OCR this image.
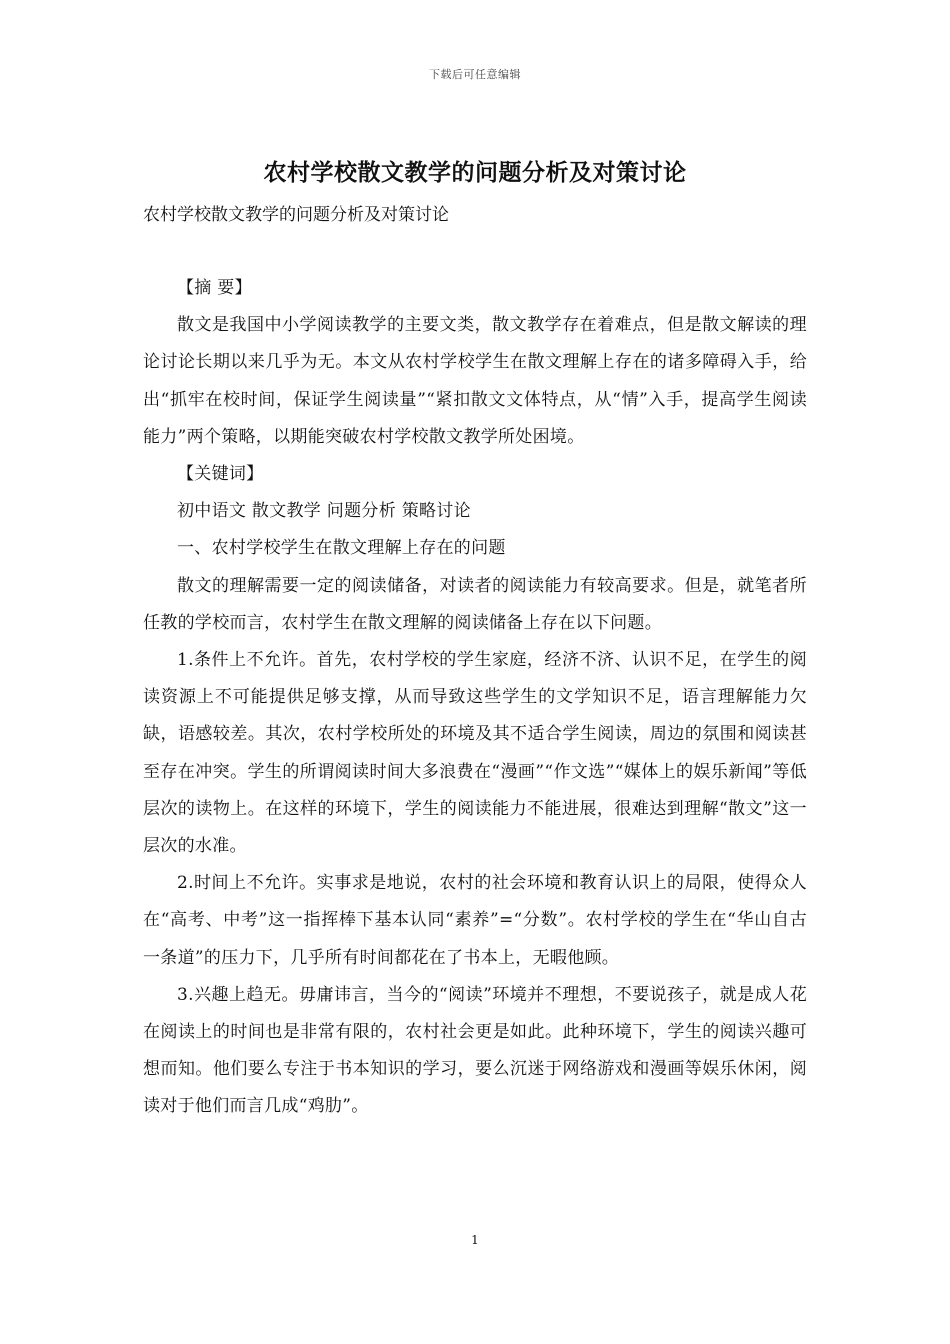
下载后可任意编辑
农村学校散文教学的问题分析及对策讨论

农村学校散文教学的问题分析及对策讨论

【摘 要】

散文是我国中小学阅读教学的主要文类，散文教学存在着难点，但是散文解读的理论讨论长期以来几乎为无。本文从农村学校学生在散文理解上存在的诸多障碍入手，给出“抓牢在校时间，保证学生阅读量”“紧扣散文文体特点，从“情”入手，提高学生阅读能力”两个策略，以期能突破农村学校散文教学所处困境。

【关键词】

初中语文 散文教学 问题分析 策略讨论

一、农村学校学生在散文理解上存在的问题

散文的理解需要一定的阅读储备，对读者的阅读能力有较高要求。但是，就笔者所任教的学校而言，农村学生在散文理解的阅读储备上存在以下问题。

1.条件上不允许。首先，农村学校的学生家庭，经济不济、认识不足，在学生的阅读资源上不可能提供足够支撑，从而导致这些学生的文学知识不足，语言理解能力欠缺，语感较差。其次，农村学校所处的环境及其不适合学生阅读，周边的氛围和阅读甚至存在冲突。学生的所谓阅读时间大多浪费在“漫画”“作文选”“媒体上的娱乐新闻”等低层次的读物上。在这样的环境下，学生的阅读能力不能进展，很难达到理解“散文”这一层次的水准。

2.时间上不允许。实事求是地说，农村的社会环境和教育认识上的局限，使得众人在“高考、中考”这一指挥棒下基本认同“素养”=“分数”。农村学校的学生在“华山自古一条道”的压力下，几乎所有时间都花在了书本上，无暇他顾。

3.兴趣上趋无。毋庸讳言，当今的“阅读”环境并不理想，不要说孩子，就是成人花在阅读上的时间也是非常有限的，农村社会更是如此。此种环境下，学生的阅读兴趣可想而知。他们要么专注于书本知识的学习，要么沉迷于网络游戏和漫画等娱乐休闲，阅读对于他们而言几成“鸡肋”。

1
